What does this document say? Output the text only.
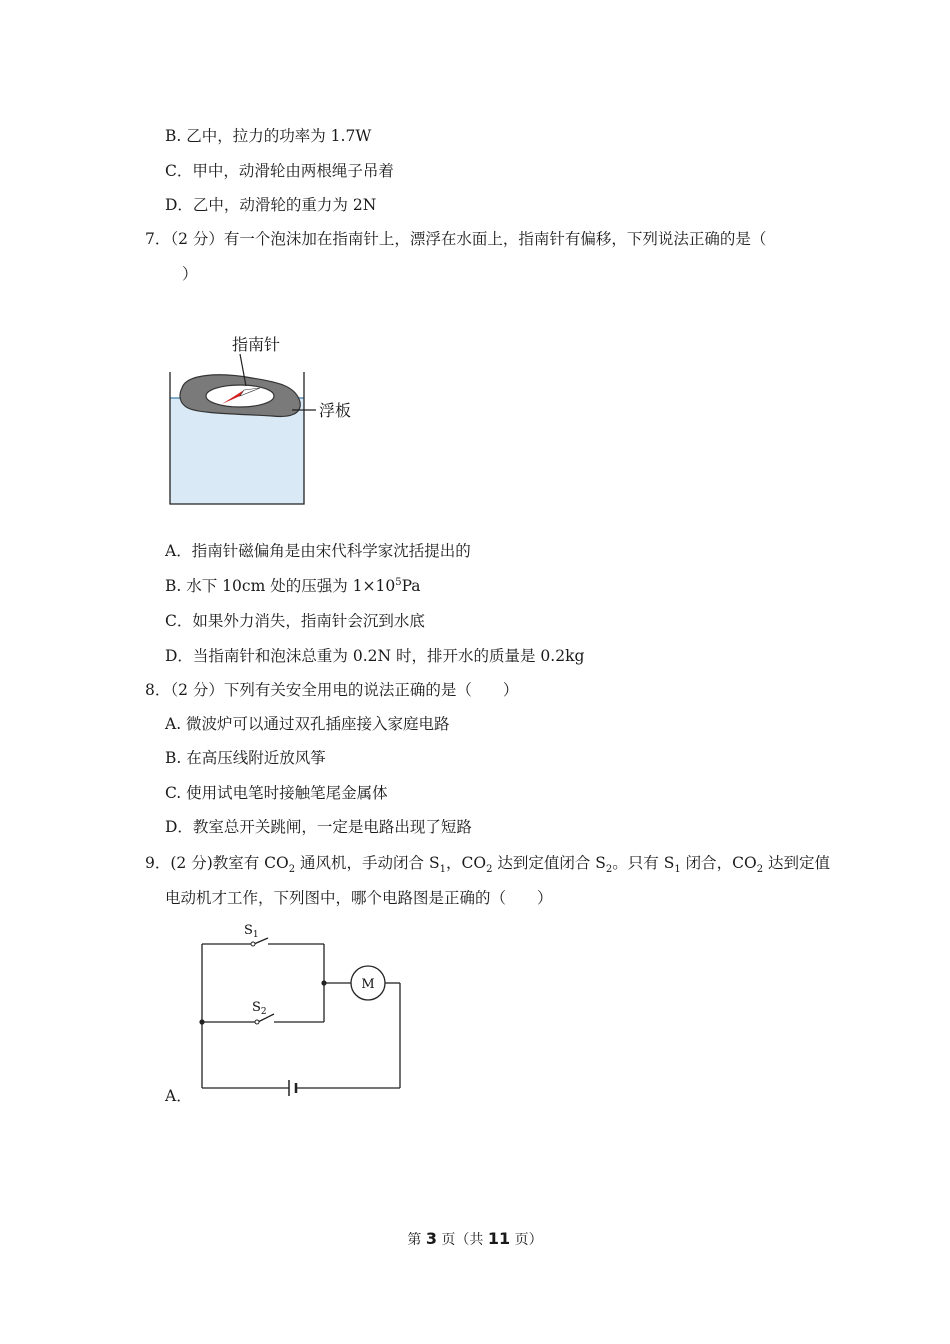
B. 乙中，拉力的功率为 1.7W
C．甲中，动滑轮由两根绳子吊着
D．乙中，动滑轮的重力为 2N
7．（2 分）有一个泡沫加在指南针上，漂浮在水面上，指南针有偏移，下列说法正确的是（
）
指南针
浮板
A．指南针磁偏角是由宋代科学家沈括提出的
B. 水下 10cm 处的压强为 $1\times 10^5Pa$
C．如果外力消失，指南针会沉到水底
D．当指南针和泡沫总重为 0.2N 时，排开水的质量是 0.2kg
8．（2 分）下列有关安全用电的说法正确的是（　　）
A. 微波炉可以通过双孔插座接入家庭电路
B. 在高压线附近放风筝
C. 使用试电笔时接触笔尾金属体
D．教室总开关跳闸，一定是电路出现了短路
9．(2 分)教室有 $CO_2$ 通风机，手动闭合 $S_1$，$CO_2$ 达到定值闭合 $S_2$。只有 $S_1$ 闭合，$CO_2$ 达到定值
电动机才工作，下列图中，哪个电路图是正确的（　　）
M
$S_1$
$S_2$
A．
第 3 页（共 11 页）
